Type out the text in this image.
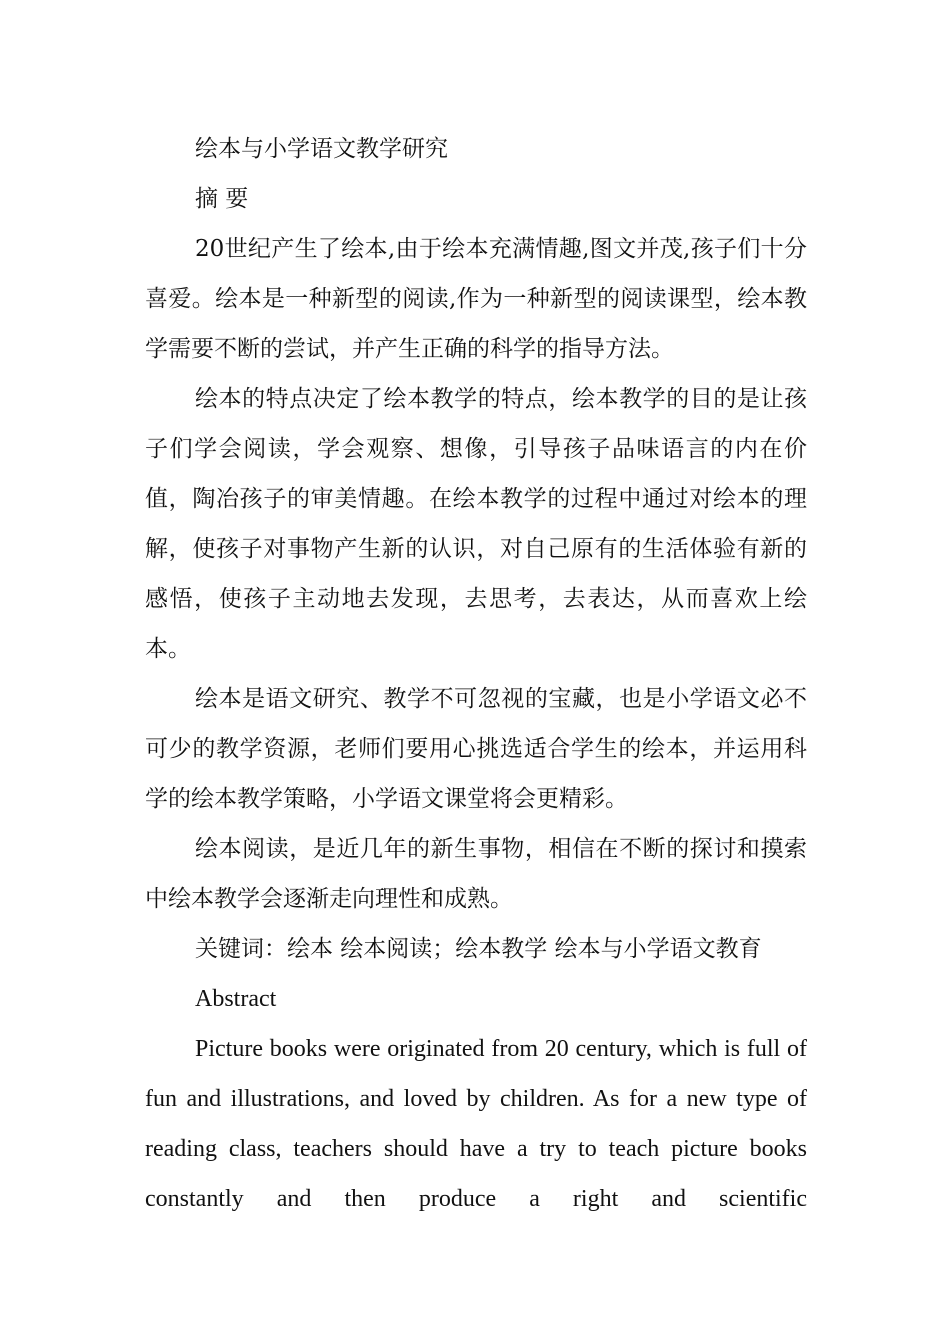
绘本与小学语文教学研究

摘 要

20世纪产生了绘本,由于绘本充满情趣,图文并茂,孩子们十分喜爱。绘本是一种新型的阅读,作为一种新型的阅读课型，绘本教学需要不断的尝试，并产生正确的科学的指导方法。

绘本的特点决定了绘本教学的特点，绘本教学的目的是让孩子们学会阅读，学会观察、想像，引导孩子品味语言的内在价值，陶冶孩子的审美情趣。在绘本教学的过程中通过对绘本的理解，使孩子对事物产生新的认识，对自己原有的生活体验有新的感悟，使孩子主动地去发现，去思考，去表达，从而喜欢上绘本。

绘本是语文研究、教学不可忽视的宝藏，也是小学语文必不可少的教学资源，老师们要用心挑选适合学生的绘本，并运用科学的绘本教学策略，小学语文课堂将会更精彩。

绘本阅读，是近几年的新生事物，相信在不断的探讨和摸索中绘本教学会逐渐走向理性和成熟。

关键词：绘本 绘本阅读；绘本教学 绘本与小学语文教育

Abstract

Picture books were originated from 20 century, which is full of fun and illustrations, and loved by children. As for a new type of reading class, teachers should have a try to teach picture books constantly and then produce a right and scientific
